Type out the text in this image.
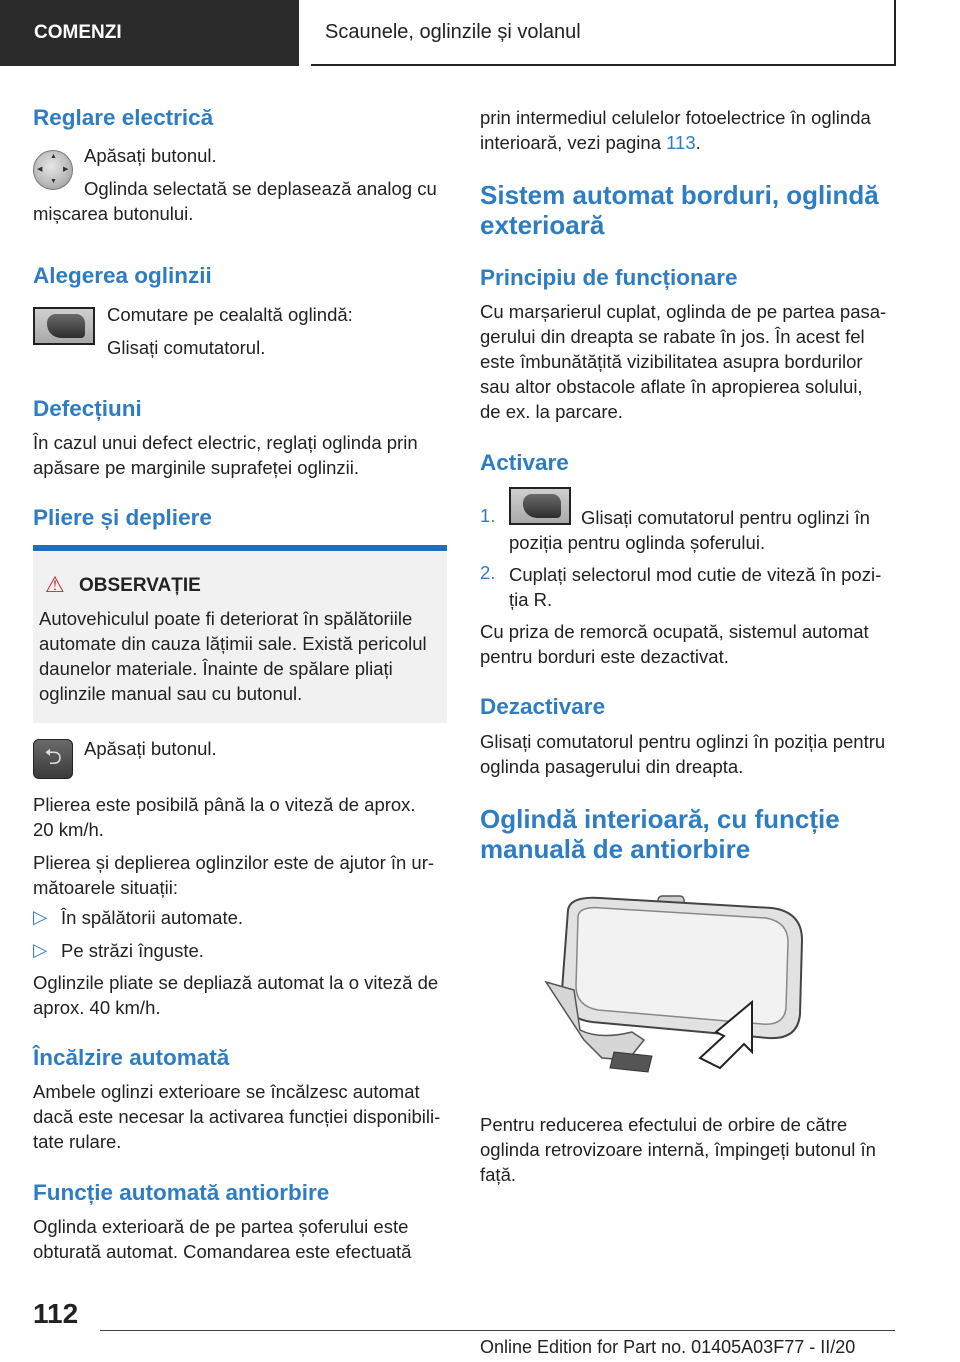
COMENZI	Scaunele, oglinzile și volanul
Reglare electrică
▲
▼
◀	▶
Apăsați butonul.
Oglinda selectată se deplasează analog cu
mișcarea butonului.
Alegerea oglinzii
Comutare pe cealaltă oglindă:
Glisați comutatorul.
Defecțiuni
În cazul unui defect electric, reglați oglinda prin
apăsare pe marginile suprafeței oglinzii.
Pliere și depliere
⚠ OBSERVAȚIE
Autovehiculul poate fi deteriorat în spălătoriile
automate din cauza lățimii sale. Există pericolul
daunelor materiale. Înainte de spălare pliați
oglinzile manual sau cu butonul.
⮌	Apăsați butonul.
Plierea este posibilă până la o viteză de aprox.
20 km/h.
Plierea și deplierea oglinzilor este de ajutor în ur-
mătoarele situații:
▷ În spălătorii automate.
▷ Pe străzi înguste.
Oglinzile pliate se depliază automat la o viteză de
aprox. 40 km/h.
Încălzire automată
Ambele oglinzi exterioare se încălzesc automat
dacă este necesar la activarea funcției disponibili-
tate rulare.
Funcție automată antiorbire
Oglinda exterioară de pe partea șoferului este
obturată automat. Comandarea este efectuată
prin intermediul celulelor fotoelectrice în oglinda
interioară, vezi pagina 113.
Sistem automat borduri, oglindă
exterioară
Principiu de funcționare
Cu marșarierul cuplat, oglinda de pe partea pasa-
gerului din dreapta se rabate în jos. În acest fel
este îmbunătățită vizibilitatea asupra bordurilor
sau altor obstacole aflate în apropierea solului,
de ex. la parcare.
Activare
1.	Glisați comutatorul pentru oglinzi în
poziția pentru oglinda șoferului.
2. Cuplați selectorul mod cutie de viteză în pozi-
ția R.
Cu priza de remorcă ocupată, sistemul automat
pentru borduri este dezactivat.
Dezactivare
Glisați comutatorul pentru oglinzi în poziția pentru
oglinda pasagerului din dreapta.
Oglindă interioară, cu funcție
manuală de antiorbire
Pentru reducerea efectului de orbire de către
oglinda retrovizoare internă, împingeți butonul în
față.
112
Online Edition for Part no. 01405A03F77 - II/20
